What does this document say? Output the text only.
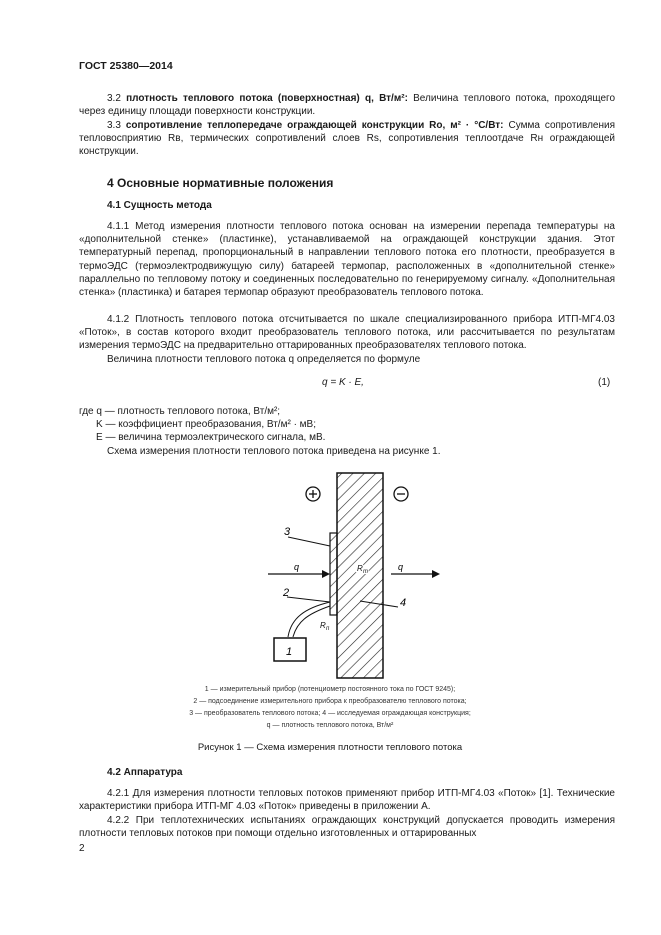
ГОСТ 25380—2014
3.2 плотность теплового потока (поверхностная) q, Вт/м²: Величина теплового потока, проходящего через единицу площади поверхности конструкции.
3.3 сопротивление теплопередаче ограждающей конструкции Rо, м² · °С/Вт: Сумма сопротивления тепловосприятию Rв, термических сопротивлений слоев Rs, сопротивления теплоотдаче Rн ограждающей конструкции.
4 Основные нормативные положения
4.1 Сущность метода
4.1.1 Метод измерения плотности теплового потока основан на измерении перепада температуры на «дополнительной стенке» (пластинке), устанавливаемой на ограждающей конструкции здания. Этот температурный перепад, пропорциональный в направлении теплового потока его плотности, преобразуется в термоЭДС (термоэлектродвижущую силу) батареей термопар, расположенных в «дополнительной стенке» параллельно по тепловому потоку и соединенных последовательно по генерируемому сигналу. «Дополнительная стенка» (пластинка) и батарея термопар образуют преобразователь теплового потока.
4.1.2 Плотность теплового потока отсчитывается по шкале специализированного прибора ИТП-МГ4.03 «Поток», в состав которого входит преобразователь теплового потока, или рассчитывается по результатам измерения термоЭДС на предварительно оттарированных преобразователях теплового потока.
Величина плотности теплового потока q определяется по формуле
q = K · E,	(1)
где q — плотность теплового потока, Вт/м²;
K — коэффициент преобразования, Вт/м² · мВ;
E — величина термоэлектрического сигнала, мВ.
Схема измерения плотности теплового потока приведена на рисунке 1.
3
2
4
1
q	q
R т
R п
1 — измерительный прибор (потенциометр постоянного тока по ГОСТ 9245);
2 — подсоединение измерительного прибора к преобразователю теплового потока;
3 — преобразователь теплового потока; 4 — исследуемая ограждающая конструкция;
q — плотность теплового потока, Вт/м²
Рисунок 1 — Схема измерения плотности теплового потока
4.2 Аппаратура
4.2.1 Для измерения плотности тепловых потоков применяют прибор ИТП-МГ4.03 «Поток» [1]. Технические характеристики прибора ИТП-МГ 4.03 «Поток» приведены в приложении А.
4.2.2 При теплотехнических испытаниях ограждающих конструкций допускается проводить измерения плотности тепловых потоков при помощи отдельно изготовленных и оттарированных
2
